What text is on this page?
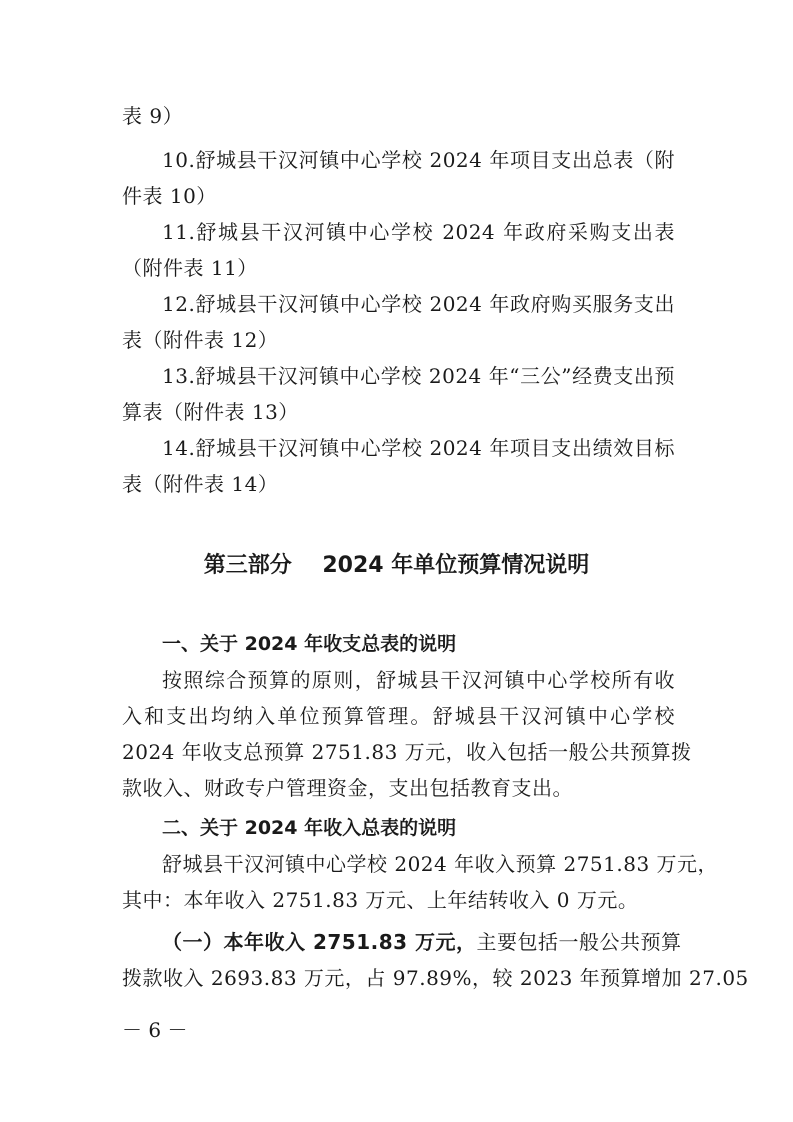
表 9）
10.舒城县干汉河镇中心学校 2024 年项目支出总表（附
件表 10）
11.舒城县干汉河镇中心学校 2024 年政府采购支出表
（附件表 11）
12.舒城县干汉河镇中心学校 2024 年政府购买服务支出
表（附件表 12）
13.舒城县干汉河镇中心学校 2024 年“三公”经费支出预
算表（附件表 13）
14.舒城县干汉河镇中心学校 2024 年项目支出绩效目标
表（附件表 14）
第三部分    2024 年单位预算情况说明
一、关于 2024 年收支总表的说明
按照综合预算的原则，舒城县干汉河镇中心学校所有收
入和支出均纳入单位预算管理。舒城县干汉河镇中心学校
2024 年收支总预算 2751.83 万元，收入包括一般公共预算拨
款收入、财政专户管理资金，支出包括教育支出。
二、关于 2024 年收入总表的说明
舒城县干汉河镇中心学校 2024 年收入预算 2751.83 万元，
其中：本年收入 2751.83 万元、上年结转收入 0 万元。
（一）本年收入 2751.83 万元，主要包括一般公共预算
拨款收入 2693.83 万元，占 97.89%，较 2023 年预算增加 27.05
－ 6 －
